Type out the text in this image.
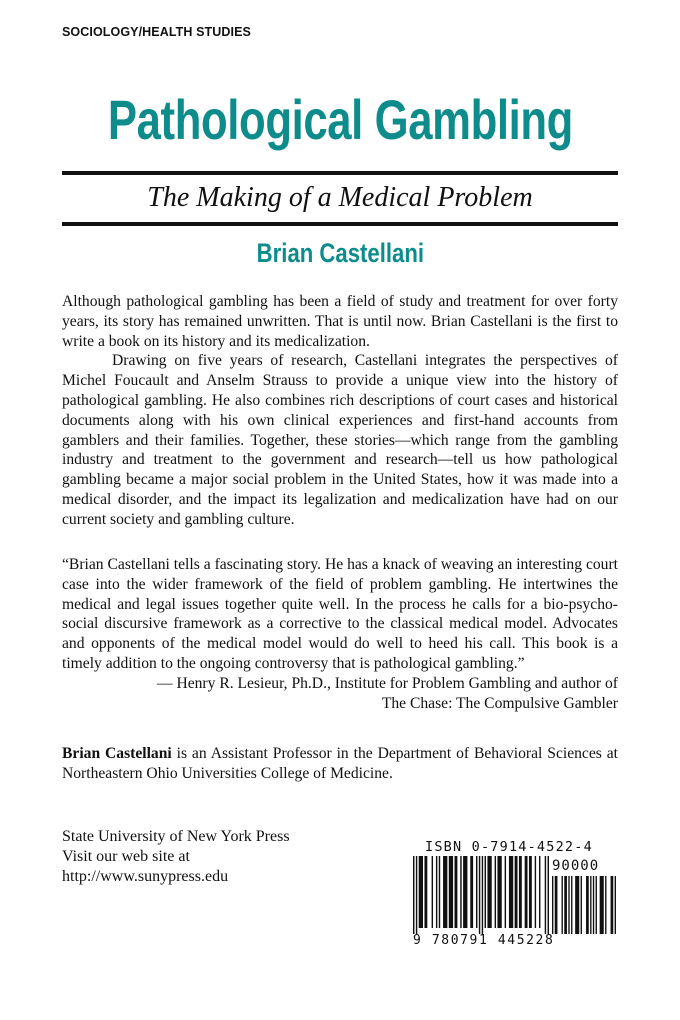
SOCIOLOGY/HEALTH STUDIES
Pathological Gambling
The Making of a Medical Problem
Brian Castellani

Although pathological gambling has been a field of study and treatment for over forty years, its story has remained unwritten. That is until now. Brian Castellani is the first to write a book on its history and its medicalization.

Drawing on five years of research, Castellani integrates the perspectives of Michel Foucault and Anselm Strauss to provide a unique view into the history of pathological gambling. He also combines rich descriptions of court cases and historical documents along with his own clinical experiences and first-hand accounts from gamblers and their families. Together, these stories—which range from the gambling industry and treatment to the government and research—tell us how pathological gambling became a major social problem in the United States, how it was made into a medical disorder, and the impact its legalization and medicalization have had on our current society and gambling culture.

“Brian Castellani tells a fascinating story. He has a knack of weaving an interesting court case into the wider framework of the field of problem gambling. He intertwines the medical and legal issues together quite well. In the process he calls for a bio-psycho-social discursive framework as a corrective to the classical medical model. Advocates and opponents of the medical model would do well to heed his call. This book is a timely addition to the ongoing controversy that is pathological gambling.”

— Henry R. Lesieur, Ph.D., Institute for Problem Gambling and author of

The Chase: The Compulsive Gambler

Brian Castellani is an Assistant Professor in the Department of Behavioral Sciences at Northeastern Ohio Universities College of Medicine.

State University of New York Press
Visit our web site at
http://www.sunypress.edu
ISBN 0-7914-4522-4
90000
9 780791 445228
